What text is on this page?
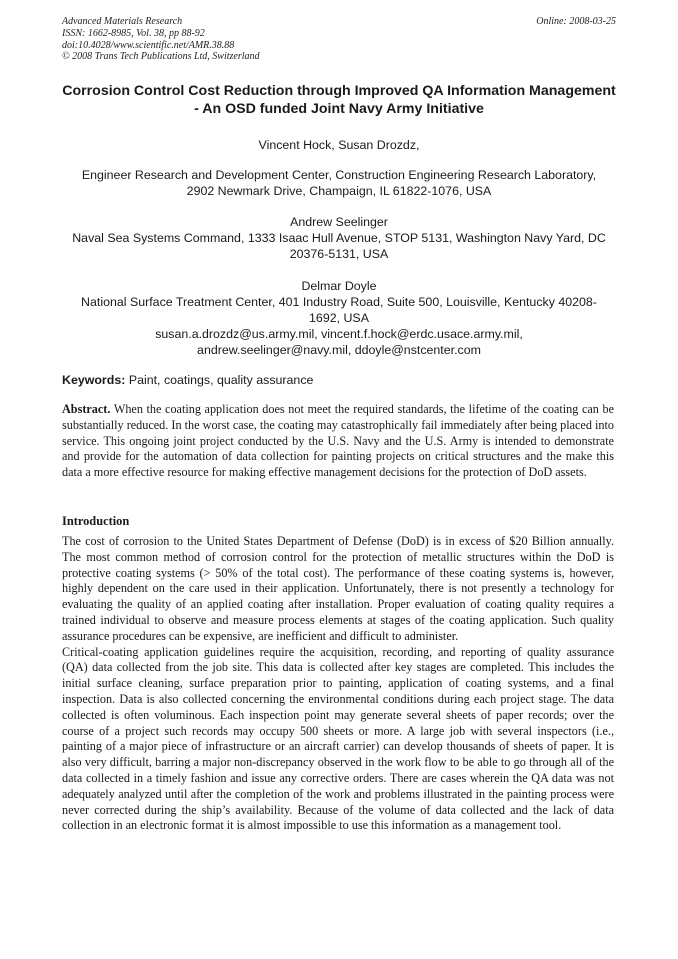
Advanced Materials Research
ISSN: 1662-8985, Vol. 38, pp 88-92
doi:10.4028/www.scientific.net/AMR.38.88
© 2008 Trans Tech Publications Ltd, Switzerland
Online: 2008-03-25
Corrosion Control Cost Reduction through Improved QA Information Management - An OSD funded Joint Navy Army Initiative
Vincent Hock, Susan Drozdz,
Engineer Research and Development Center, Construction Engineering Research Laboratory, 2902 Newmark Drive, Champaign, IL 61822-1076, USA
Andrew Seelinger
Naval Sea Systems Command, 1333 Isaac Hull Avenue, STOP 5131, Washington Navy Yard, DC 20376-5131, USA
Delmar Doyle
National Surface Treatment Center, 401 Industry Road, Suite 500, Louisville, Kentucky 40208-1692, USA
susan.a.drozdz@us.army.mil, vincent.f.hock@erdc.usace.army.mil,
andrew.seelinger@navy.mil, ddoyle@nstcenter.com
Keywords: Paint, coatings, quality assurance

Abstract. When the coating application does not meet the required standards, the lifetime of the coating can be substantially reduced. In the worst case, the coating may catastrophically fail immediately after being placed into service. This ongoing joint project conducted by the U.S. Navy and the U.S. Army is intended to demonstrate and provide for the automation of data collection for painting projects on critical structures and the make this data a more effective resource for making effective management decisions for the protection of DoD assets.

Introduction

The cost of corrosion to the United States Department of Defense (DoD) is in excess of $20 Billion annually. The most common method of corrosion control for the protection of metallic structures within the DoD is protective coating systems (> 50% of the total cost). The performance of these coating systems is, however, highly dependent on the care used in their application. Unfortunately, there is not presently a technology for evaluating the quality of an applied coating after installation. Proper evaluation of coating quality requires a trained individual to observe and measure process elements at stages of the coating application. Such quality assurance procedures can be expensive, are inefficient and difficult to administer.

Critical-coating application guidelines require the acquisition, recording, and reporting of quality assurance (QA) data collected from the job site. This data is collected after key stages are completed. This includes the initial surface cleaning, surface preparation prior to painting, application of coating systems, and a final inspection. Data is also collected concerning the environmental conditions during each project stage. The data collected is often voluminous. Each inspection point may generate several sheets of paper records; over the course of a project such records may occupy 500 sheets or more. A large job with several inspectors (i.e., painting of a major piece of infrastructure or an aircraft carrier) can develop thousands of sheets of paper. It is also very difficult, barring a major non-discrepancy observed in the work flow to be able to go through all of the data collected in a timely fashion and issue any corrective orders. There are cases wherein the QA data was not adequately analyzed until after the completion of the work and problems illustrated in the painting process were never corrected during the ship’s availability. Because of the volume of data collected and the lack of data collection in an electronic format it is almost impossible to use this information as a management tool.
